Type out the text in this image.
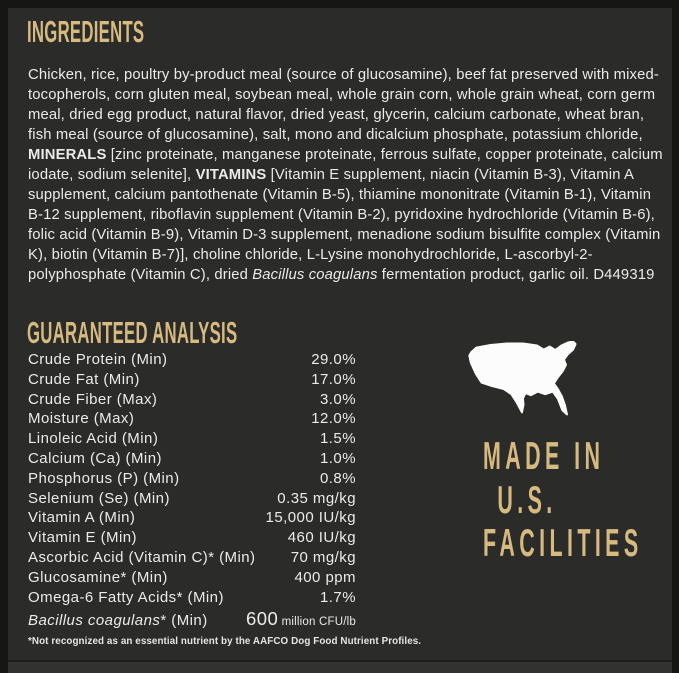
INGREDIENTS

Chicken, rice, poultry by-product meal (source of glucosamine), beef fat preserved with mixed-tocopherols, corn gluten meal, soybean meal, whole grain corn, whole grain wheat, corn germ meal, dried egg product, natural flavor, dried yeast, glycerin, calcium carbonate, wheat bran, fish meal (source of glucosamine), salt, mono and dicalcium phosphate, potassium chloride, MINERALS [zinc proteinate, manganese proteinate, ferrous sulfate, copper proteinate, calcium iodate, sodium selenite], VITAMINS [Vitamin E supplement, niacin (Vitamin B-3), Vitamin A supplement, calcium pantothenate (Vitamin B-5), thiamine mononitrate (Vitamin B-1), Vitamin B-12 supplement, riboflavin supplement (Vitamin B-2), pyridoxine hydrochloride (Vitamin B-6), folic acid (Vitamin B-9), Vitamin D-3 supplement, menadione sodium bisulfite complex (Vitamin K), biotin (Vitamin B-7)], choline chloride, L-Lysine monohydrochloride, L-ascorbyl-2-polyphosphate (Vitamin C), dried Bacillus coagulans fermentation product, garlic oil. D449319

GUARANTEED ANALYSIS
Crude Protein (Min)	29.0%
Crude Fat (Min)	17.0%
Crude Fiber (Max)	3.0%
Moisture (Max)	12.0%
Linoleic Acid (Min)	1.5%
Calcium (Ca) (Min)	1.0%
Phosphorus (P) (Min)	0.8%
Selenium (Se) (Min)	0.35 mg/kg
Vitamin A (Min)	15,000 IU/kg
Vitamin E (Min)	460 IU/kg
Ascorbic Acid (Vitamin C)* (Min) 70 mg/kg
Glucosamine* (Min)	400 ppm
Omega-6 Fatty Acids* (Min)	1.7%
Bacillus coagulans* (Min) 600 million CFU/lb
*Not recognized as an essential nutrient by the AAFCO Dog Food Nutrient Profiles.
MADE IN
U.S.
FACILITIES
